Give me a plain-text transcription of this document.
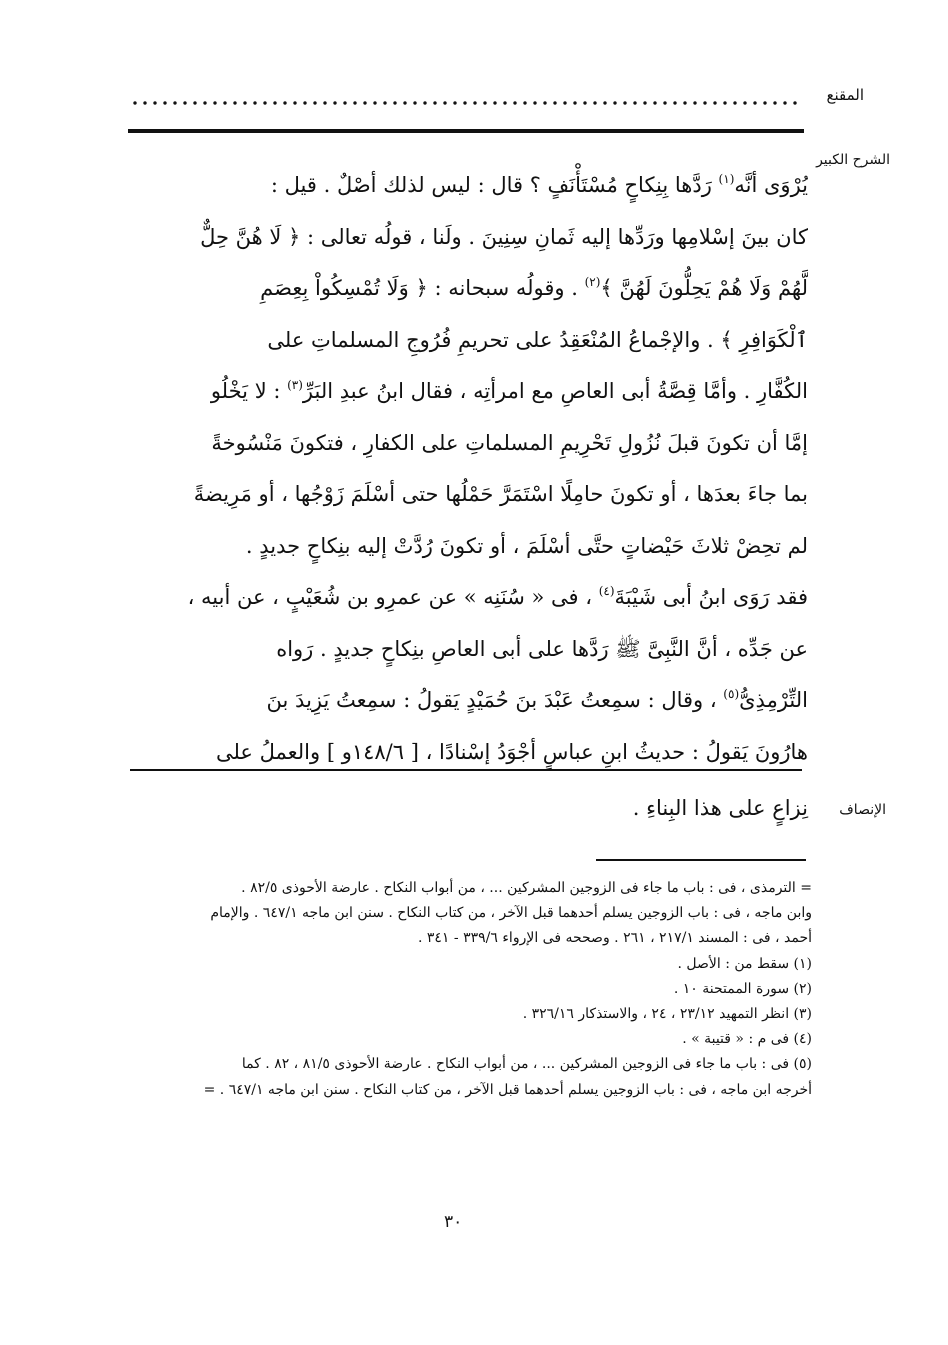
المقنع
الشرح الكبير
يُرْوَى أنَّه$^{(١)}$ رَدَّها بِنِكاحٍ مُسْتَأْنَفٍ ؟ قال : ليس لذلك أصْلٌ . قيل :
كان بينَ إسْلامِها ورَدِّها إليه ثَمانِ سِنِينَ . ولَنا ، قولُه تعالى : ﴿ لَا هُنَّ حِلٌّ
لَّهُمْ وَلَا هُمْ يَحِلُّونَ لَهُنَّ ﴾$^{(٢)}$ . وقولُه سبحانه : ﴿ وَلَا تُمْسِكُواْ بِعِصَمِ
ٱلْكَوَافِرِ ﴾ . والإجْماعُ المُنْعَقِدُ على تحريمِ فُرُوجِ المسلماتِ على
الكُفَّارِ . وأمَّا قِصَّةُ أبى العاصِ مع امرأتِه ، فقال ابنُ عبدِ البَرِّ$^{(٣)}$ : لا يَخْلُو
إمَّا أن تكونَ قبلَ نُزُولِ تَحْرِيمِ المسلماتِ على الكفارِ ، فتكونَ مَنْسُوخةً
بما جاءَ بعدَها ، أو تكونَ حامِلًا اسْتَمَرَّ حَمْلُها حتى أسْلَمَ زَوْجُها ، أو مَرِيضةً
لم تحِضْ ثلاثَ حَيْضاتٍ حتَّى أسْلَمَ ، أو تكونَ رُدَّتْ إليه بنِكاحٍ جديدٍ .
فقد رَوَى ابنُ أبى شَيْبَةَ$^{(٤)}$ ، فى « سُنَنِه » عن عمرِو بن شُعَيْبٍ ، عن أبيه ،
عن جَدِّه ، أنَّ النَّبِىَّ ﷺ رَدَّها على أبى العاصِ بنِكاحٍ جديدٍ . رَواه
التِّرْمِذِىُّ$^{(٥)}$ ، وقال : سمِعتُ عَبْدَ بنَ حُمَيْدٍ يَقولُ : سمِعتُ يَزِيدَ بنَ
هارُونَ يَقولُ : حديثُ ابنِ عباسٍ أجْوَدُ إسْنادًا ، [ ١٤٨/٦و ] والعملُ على
الإنصاف
نِزاعٍ على هذا البِناءِ .
= الترمذى ، فى : باب ما جاء فى الزوجين المشركين ... ، من أبواب النكاح . عارضة الأحوذى ٨٢/٥ .
وابن ماجه ، فى : باب الزوجين يسلم أحدهما قبل الآخر ، من كتاب النكاح . سنن ابن ماجه ٦٤٧/١ . والإمام
أحمد ، فى : المسند ٢١٧/١ ، ٢٦١ . وصححه فى الإرواء ٣٣٩/٦ - ٣٤١ .
(١) سقط من : الأصل .
(٢) سورة الممتحنة ١٠ .
(٣) انظر التمهيد ٢٣/١٢ ، ٢٤ ، والاستذكار ٣٢٦/١٦ .
(٤) فى م : « قتيبة » .
(٥) فى : باب ما جاء فى الزوجين المشركين ... ، من أبواب النكاح . عارضة الأحوذى ٨١/٥ ، ٨٢ . كما
أخرجه ابن ماجه ، فى : باب الزوجين يسلم أحدهما قبل الآخر ، من كتاب النكاح . سنن ابن ماجه ٦٤٧/١ . =
٣٠
